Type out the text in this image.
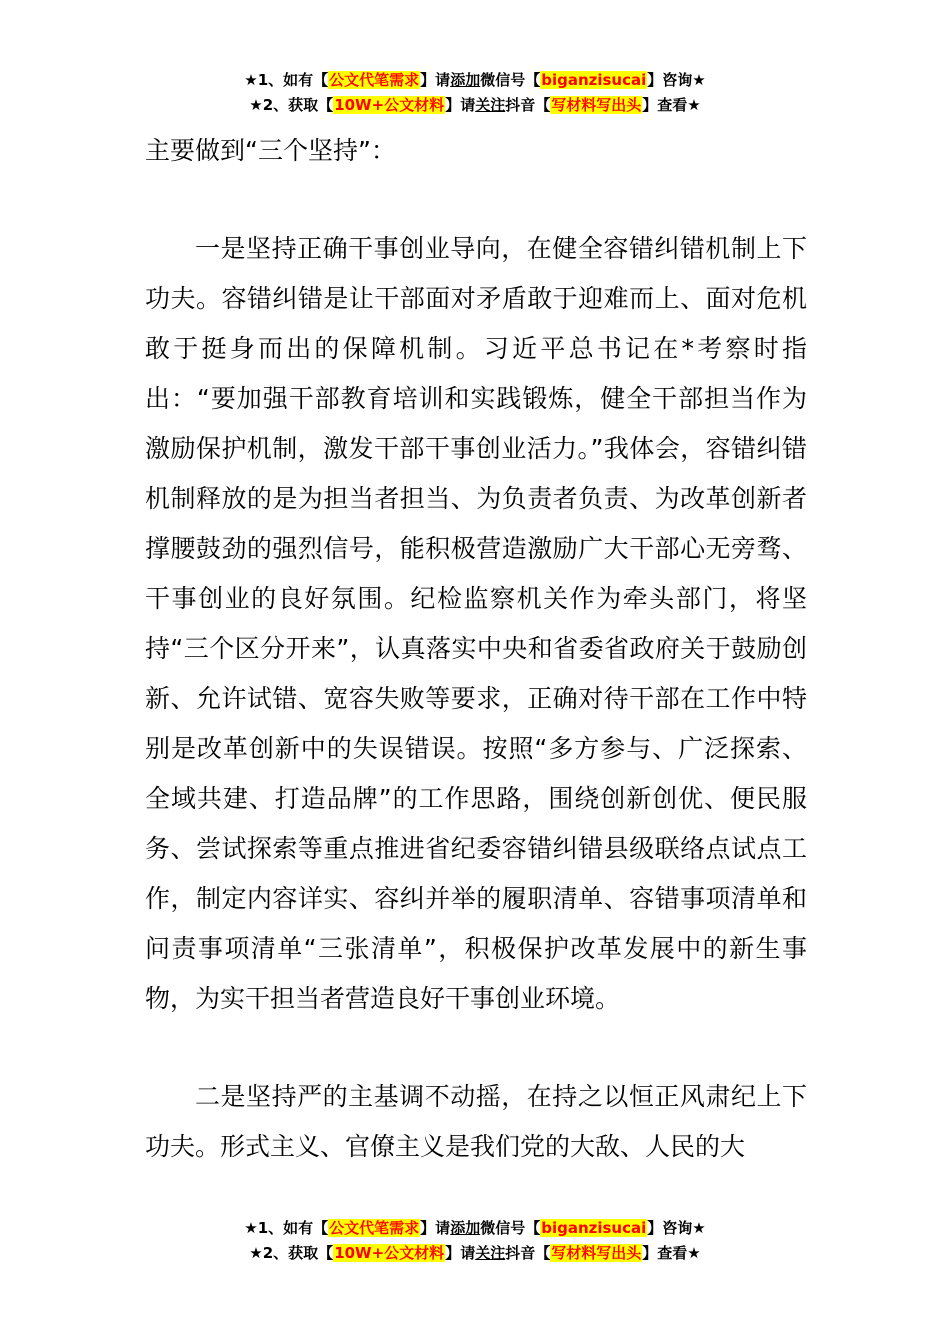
★1、如有【公文代笔需求】请添加微信号【biganzisucai】咨询★
★2、获取【10W+公文材料】请关注抖音【写材料写出头】查看★

主要做到“三个坚持”：

一是坚持正确干事创业导向，在健全容错纠错机制上下功夫。容错纠错是让干部面对矛盾敢于迎难而上、面对危机敢于挺身而出的保障机制。习近平总书记在*考察时指出：“要加强干部教育培训和实践锻炼，健全干部担当作为激励保护机制，激发干部干事创业活力。”我体会，容错纠错机制释放的是为担当者担当、为负责者负责、为改革创新者撑腰鼓劲的强烈信号，能积极营造激励广大干部心无旁骛、干事创业的良好氛围。纪检监察机关作为牵头部门，将坚持“三个区分开来”，认真落实中央和省委省政府关于鼓励创新、允许试错、宽容失败等要求，正确对待干部在工作中特别是改革创新中的失误错误。按照“多方参与、广泛探索、全域共建、打造品牌”的工作思路，围绕创新创优、便民服务、尝试探索等重点推进省纪委容错纠错县级联络点试点工作，制定内容详实、容纠并举的履职清单、容错事项清单和问责事项清单“三张清单”，积极保护改革发展中的新生事物，为实干担当者营造良好干事创业环境。

二是坚持严的主基调不动摇，在持之以恒正风肃纪上下功夫。形式主义、官僚主义是我们党的大敌、人民的大

★1、如有【公文代笔需求】请添加微信号【biganzisucai】咨询★
★2、获取【10W+公文材料】请关注抖音【写材料写出头】查看★
